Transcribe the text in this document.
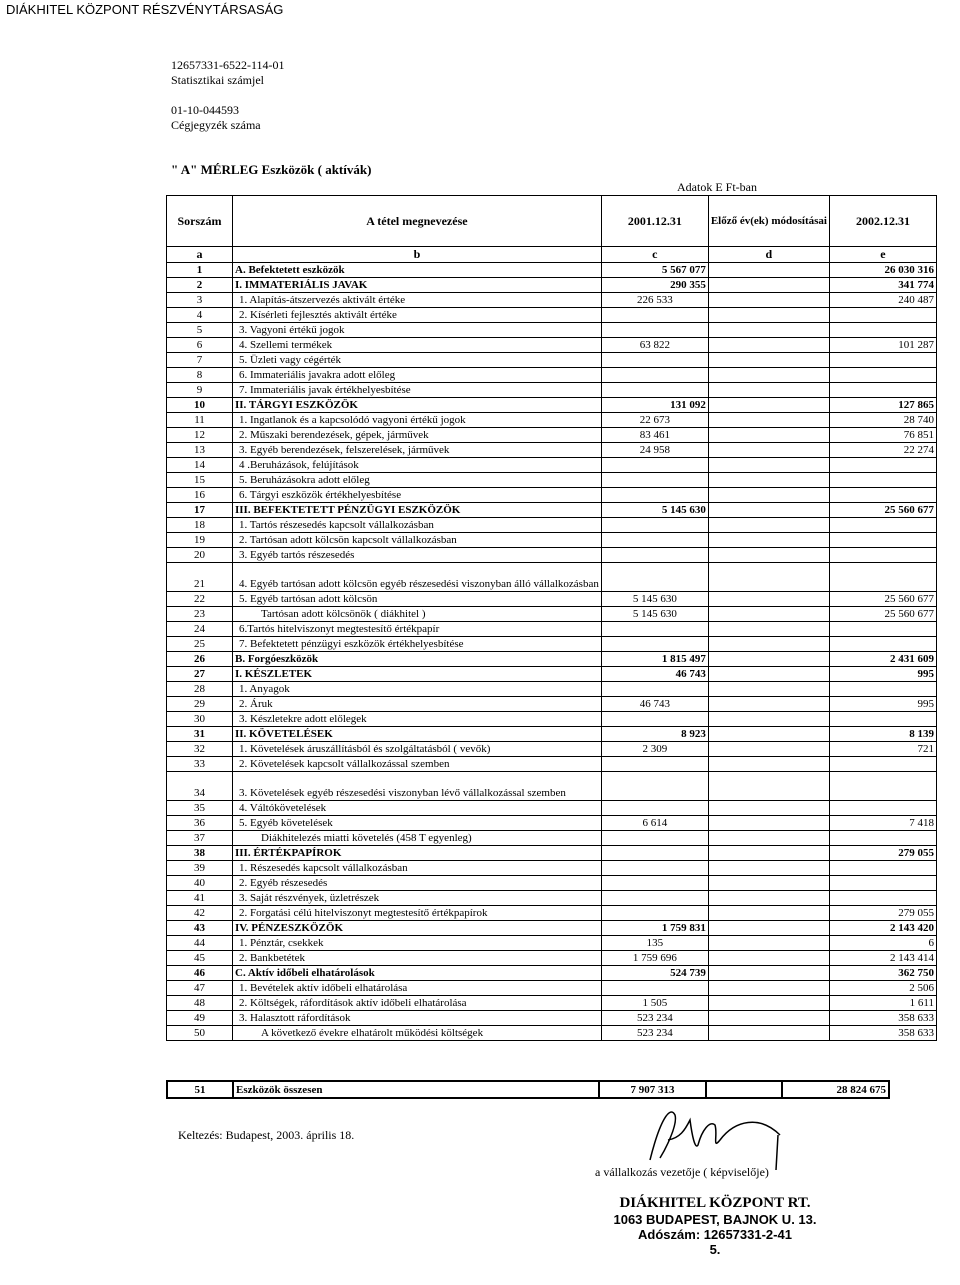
DIÁKHITEL KÖZPONT RÉSZVÉNYTÁRSASÁG
12657331-6522-114-01
Statisztikai számjel
01-10-044593
Cégjegyzék száma
" A" MÉRLEG Eszközök ( aktívák)
Adatok E Ft-ban
Sorszám	A tétel megnevezése	2001.12.31	Előző év(ek) módosításai	2002.12.31
a	b	c	d	e
1	A. Befektetett eszközök	5 567 077		26 030 316
2	I. IMMATERIÁLIS JAVAK	290 355		341 774
3	1. Alapítás-átszervezés aktivált értéke	226 533		240 487
4	2. Kísérleti fejlesztés aktivált értéke			
5	3. Vagyoni értékű jogok			
6	4. Szellemi termékek	63 822		101 287
7	5. Üzleti vagy cégérték			
8	6. Immateriális javakra adott előleg			
9	7. Immateriális javak értékhelyesbítése			
10	II. TÁRGYI ESZKÖZÖK	131 092		127 865
11	1. Ingatlanok és a kapcsolódó vagyoni értékű jogok	22 673		28 740
12	2. Műszaki berendezések, gépek, járművek	83 461		76 851
13	3. Egyéb berendezések, felszerelések, járművek	24 958		22 274
14	4 .Beruházások, felújítások			
15	5. Beruházásokra adott előleg			
16	6. Tárgyi eszközök értékhelyesbítése			
17	III. BEFEKTETETT PÉNZÜGYI ESZKÖZÖK	5 145 630		25 560 677
18	1. Tartós részesedés kapcsolt vállalkozásban			
19	2. Tartósan adott kölcsön kapcsolt vállalkozásban			
20	3. Egyéb tartós részesedés			
21	4. Egyéb tartósan adott kölcsön egyéb részesedési viszonyban álló vállalkozásban			
22	5. Egyéb tartósan adott kölcsön	5 145 630		25 560 677
23	Tartósan adott kölcsönök ( diákhitel )	5 145 630		25 560 677
24	6.Tartós hitelviszonyt megtestesítő értékpapír			
25	7. Befektetett pénzügyi eszközök értékhelyesbítése			
26	B. Forgóeszközök	1 815 497		2 431 609
27	I. KÉSZLETEK	46 743		995
28	1. Anyagok			
29	2. Áruk	46 743		995
30	3. Készletekre adott előlegek			
31	II. KÖVETELÉSEK	8 923		8 139
32	1. Követelések áruszállításból és szolgáltatásból ( vevők)	2 309		721
33	2. Követelések kapcsolt vállalkozással szemben			
34	3. Követelések egyéb részesedési viszonyban lévő vállalkozással szemben			
35	4. Váltókövetelések			
36	5. Egyéb követelések	6 614		7 418
37	Diákhitelezés miatti követelés (458 T egyenleg)			
38	III. ÉRTÉKPAPÍROK			279 055
39	1. Részesedés kapcsolt vállalkozásban			
40	2. Egyéb részesedés			
41	3. Saját részvények, üzletrészek			
42	2. Forgatási célú hitelviszonyt megtestesítő értékpapírok			279 055
43	IV. PÉNZESZKÖZÖK	1 759 831		2 143 420
44	1. Pénztár, csekkek	135		6
45	2. Bankbetétek	1 759 696		2 143 414
46	C. Aktív időbeli elhatárolások	524 739		362 750
47	1. Bevételek aktív időbeli elhatárolása			2 506
48	2. Költségek, ráfordítások aktív időbeli elhatárolása	1 505		1 611
49	3. Halasztott ráfordítások	523 234		358 633
50	A következő évekre elhatárolt működési költségek	523 234		358 633
51	Eszközök összesen	7 907 313		28 824 675
Keltezés: Budapest, 2003. április 18.
a vállalkozás vezetője ( képviselője)
DIÁKHITEL KÖZPONT RT.
1063 BUDAPEST, BAJNOK U. 13.
Adószám: 12657331-2-41
5.
